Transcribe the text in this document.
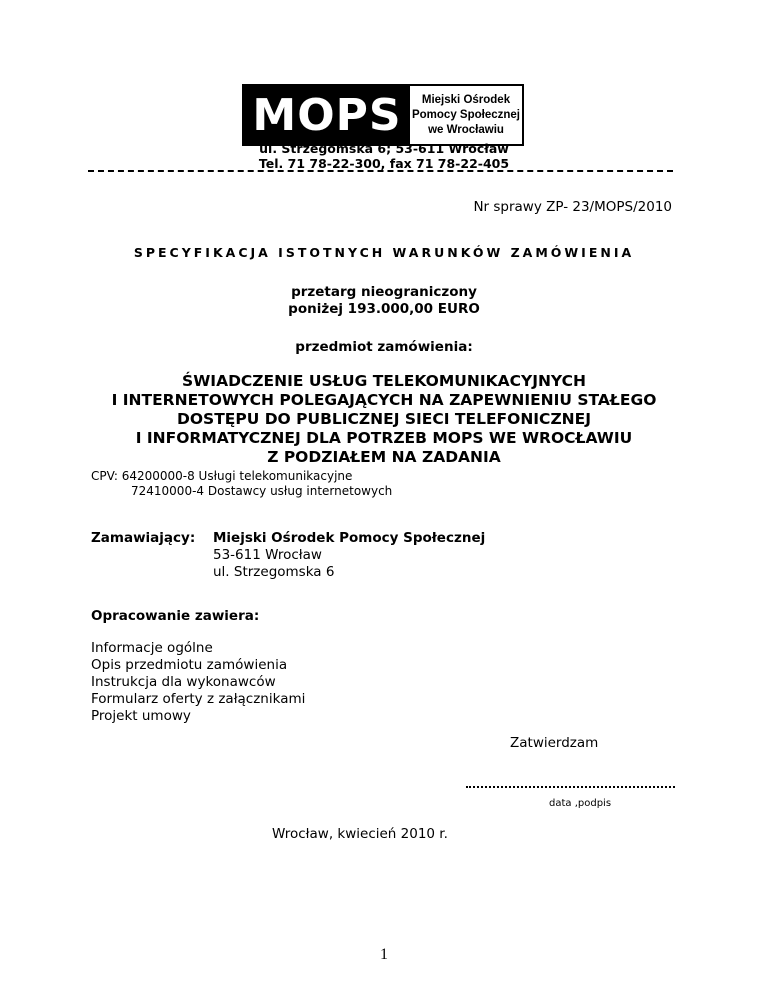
MOPS	Miejski Ośrodek
Pomocy Społecznej
we Wrocławiu
ul. Strzegomska 6; 53-611 Wrocław
Tel. 71 78-22-300, fax 71 78-22-405
Nr sprawy ZP- 23/MOPS/2010
SPECYFIKACJA ISTOTNYCH WARUNKÓW ZAMÓWIENIA
przetarg nieograniczony
poniżej 193.000,00 EURO
przedmiot zamówienia:
ŚWIADCZENIE USŁUG TELEKOMUNIKACYJNYCH
I INTERNETOWYCH POLEGAJĄCYCH NA ZAPEWNIENIU STAŁEGO
DOSTĘPU DO PUBLICZNEJ SIECI TELEFONICZNEJ
I INFORMATYCZNEJ DLA POTRZEB MOPS WE WROCŁAWIU
Z PODZIAŁEM NA ZADANIA
CPV: 64200000-8 Usługi telekomunikacyjne
72410000-4 Dostawcy usług internetowych
Zamawiający: Miejski Ośrodek Pomocy Społecznej
53-611 Wrocław
ul. Strzegomska 6
Opracowanie zawiera:
Informacje ogólne
Opis przedmiotu zamówienia
Instrukcja dla wykonawców
Formularz oferty z załącznikami
Projekt umowy
Zatwierdzam
data ,podpis
Wrocław, kwiecień 2010 r.
1
